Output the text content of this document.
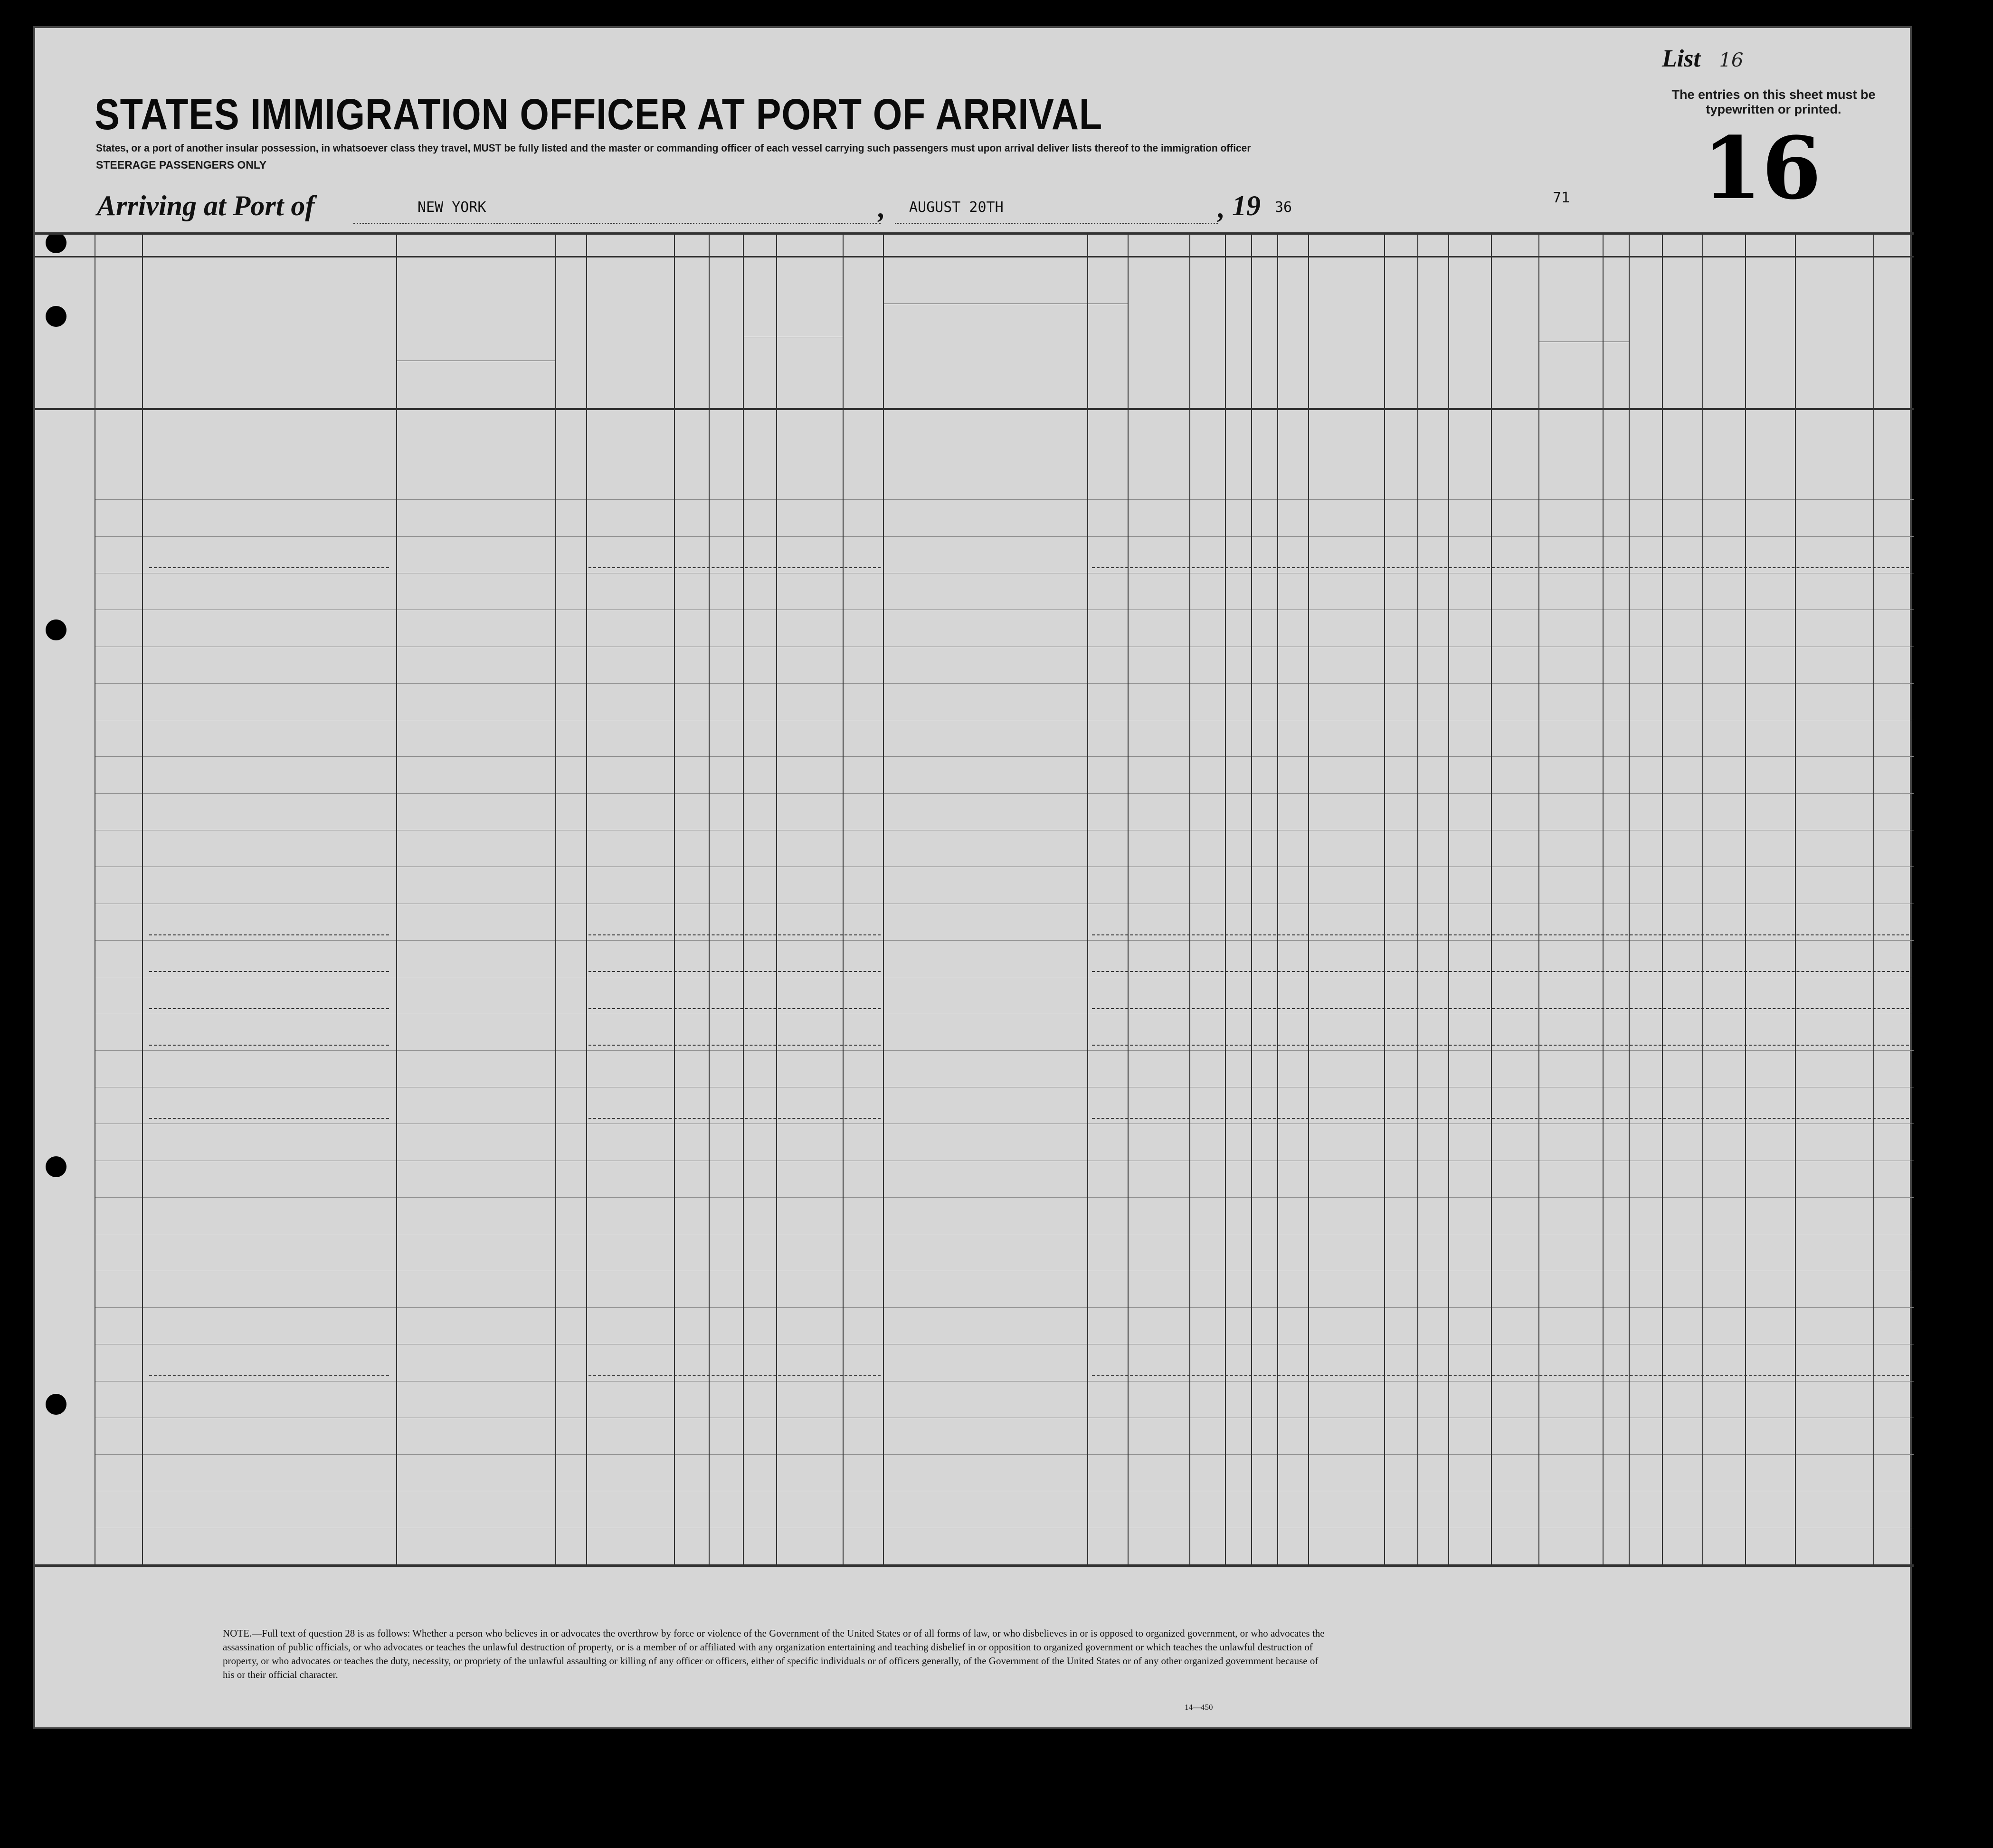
List 16
The entries on this sheet must be typewritten or printed.
16
STATES IMMIGRATION OFFICER AT PORT OF ARRIVAL
States, or a port of another insular possession, in whatsoever class they travel, MUST be fully listed and the master or commanding officer of each vessel carrying such passengers must upon arrival deliver lists thereof to the immigration officer
STEERAGE PASSENGERS ONLY
Arriving at Port of	NEW YORK	, AUGUST 20TH	, 19 36
71
NOTE.—Full text of question 28 is as follows: Whether a person who believes in or advocates the overthrow by force or violence of the Government of the United States or of all forms of law, or who disbelieves in or is opposed to organized government, or who advocates the assassination of public officials, or who advocates or teaches the unlawful destruction of property, or is a member of or affiliated with any organization entertaining and teaching disbelief in or opposition to organized government or which teaches the unlawful destruction of property, or who advocates or teaches the duty, necessity, or propriety of the unlawful assaulting or killing of any officer or officers, either of specific individuals or of officers generally, of the Government of the United States or of any other organized government because of his or their official character.
14—450
